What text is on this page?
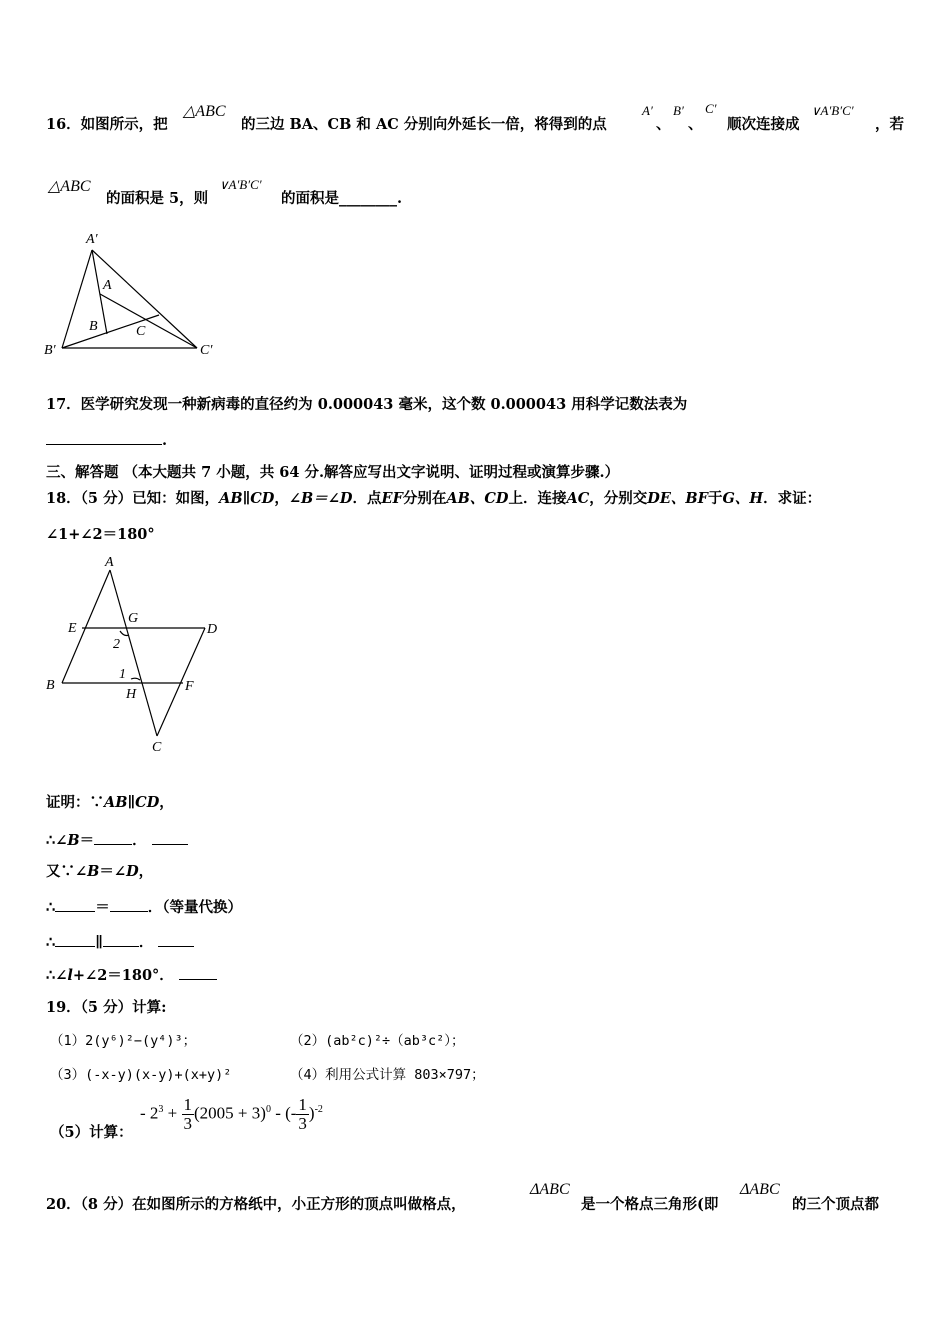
16．如图所示，把
△ABC
的三边 BA、CB 和 AC 分别向外延长一倍，将得到的点
A′
、
B′
、
C′
顺次连接成
∨A′B′C′
，若
△ABC
的面积是 5，则
∨A′B′C′
的面积是________.
A′
A
B	C
B′	C′
17．医学研究发现一种新病毒的直径约为 0.000043 毫米，这个数 0.000043 用科学记数法表为
.
三、解答题 （本大题共 7 小题，共 64 分.解答应写出文字说明、证明过程或演算步骤.）
18．（5 分）已知：如图，AB∥CD，∠B＝∠D．点EF分别在AB、CD上．连接AC，分别交DE、BF于G、H．求证：
∠1+∠2＝180°
A
E
G
D
2
1
B
H
F
C
证明：∵AB∥CD，
∴∠B＝	．
又∵∠B＝∠D，
∴	＝	．（等量代换）
∴	∥ ．
∴∠l+∠2＝180°．
19．（5 分）计算:
（1）2(y⁶)²−(y⁴)³；	（2）(ab²c)²÷（ab³c²）；
（3）(-x-y)(x-y)+(x+y)²	（4）利用公式计算 803×797；
（5）计算：
- $2^3 + \frac{1}{3} (2005 + 3)^0$ - (- $\frac{1}{3} )^{-2}$
20．（8 分）在如图所示的方格纸中，小正方形的顶点叫做格点，
ΔABC
是一个格点三角形(即
ΔABC
的三个顶点都
